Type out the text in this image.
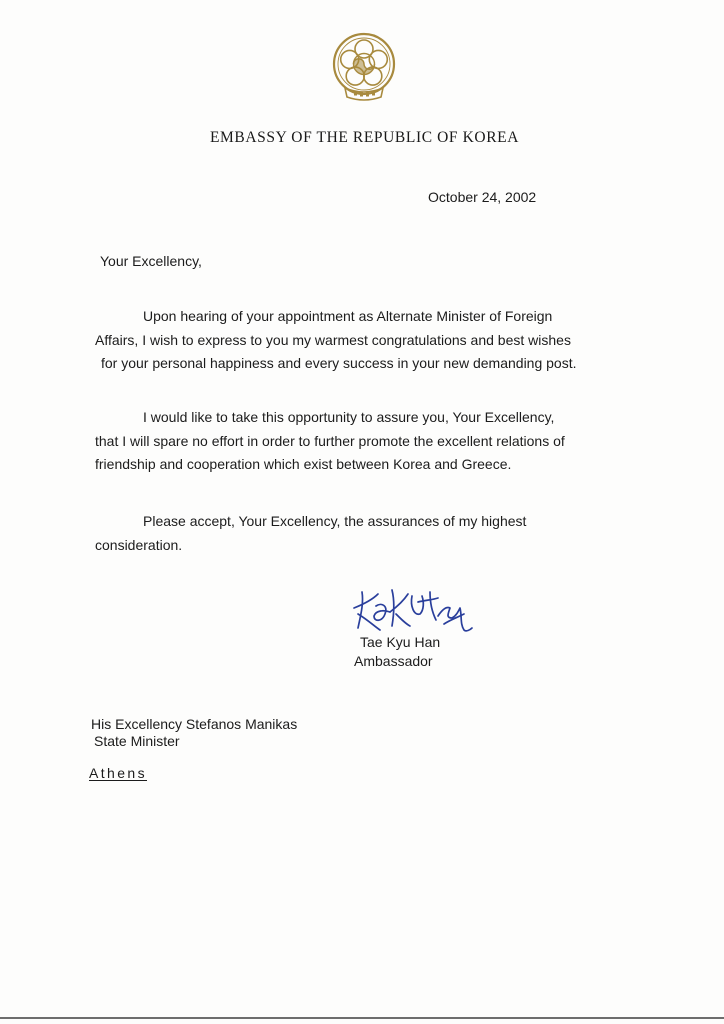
EMBASSY OF THE REPUBLIC OF KOREA
October 24, 2002
Your Excellency,
Upon hearing of your appointment as Alternate Minister of Foreign
Affairs, I wish to express to you my warmest congratulations and best wishes
for your personal happiness and every success in your new demanding post.
I would like to take this opportunity to assure you, Your Excellency,
that I will spare no effort in order to further promote the excellent relations of
friendship and cooperation which exist between Korea and Greece.
Please accept, Your Excellency, the assurances of my highest
consideration.
Tae Kyu Han
Ambassador
His Excellency Stefanos Manikas
State Minister
Athens
